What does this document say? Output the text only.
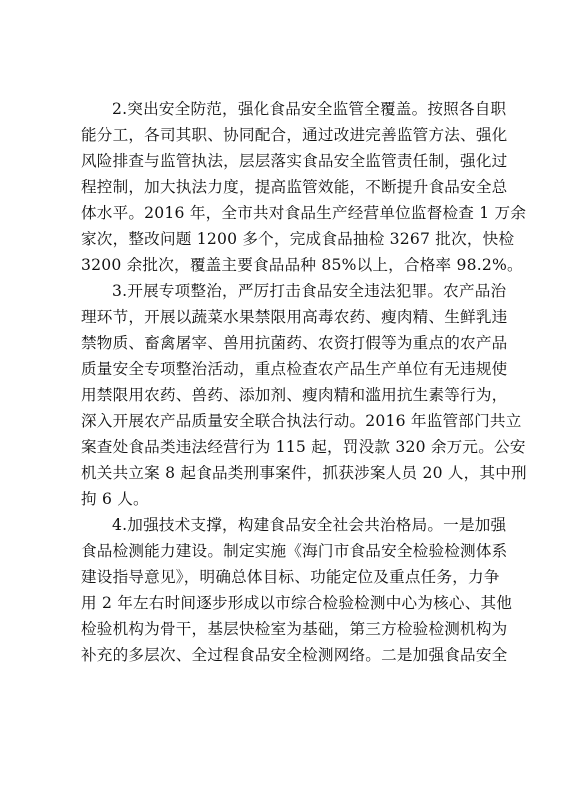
2.突出安全防范，强化食品安全监管全覆盖。按照各自职
能分工，各司其职、协同配合，通过改进完善监管方法、强化
风险排查与监管执法，层层落实食品安全监管责任制，强化过
程控制，加大执法力度，提高监管效能，不断提升食品安全总
体水平。2016 年，全市共对食品生产经营单位监督检查 1 万余
家次，整改问题 1200 多个，完成食品抽检 3267 批次，快检
3200 余批次，覆盖主要食品品种 85%以上，合格率 98.2%。
3.开展专项整治，严厉打击食品安全违法犯罪。农产品治
理环节，开展以蔬菜水果禁限用高毒农药、瘦肉精、生鲜乳违
禁物质、畜禽屠宰、兽用抗菌药、农资打假等为重点的农产品
质量安全专项整治活动，重点检查农产品生产单位有无违规使
用禁限用农药、兽药、添加剂、瘦肉精和滥用抗生素等行为，
深入开展农产品质量安全联合执法行动。2016 年监管部门共立
案查处食品类违法经营行为 115 起，罚没款 320 余万元。公安
机关共立案 8 起食品类刑事案件，抓获涉案人员 20 人，其中刑
拘 6 人。
4.加强技术支撑，构建食品安全社会共治格局。一是加强
食品检测能力建设。制定实施《海门市食品安全检验检测体系
建设指导意见》，明确总体目标、功能定位及重点任务，力争
用 2 年左右时间逐步形成以市综合检验检测中心为核心、其他
检验机构为骨干，基层快检室为基础，第三方检验检测机构为
补充的多层次、全过程食品安全检测网络。二是加强食品安全
